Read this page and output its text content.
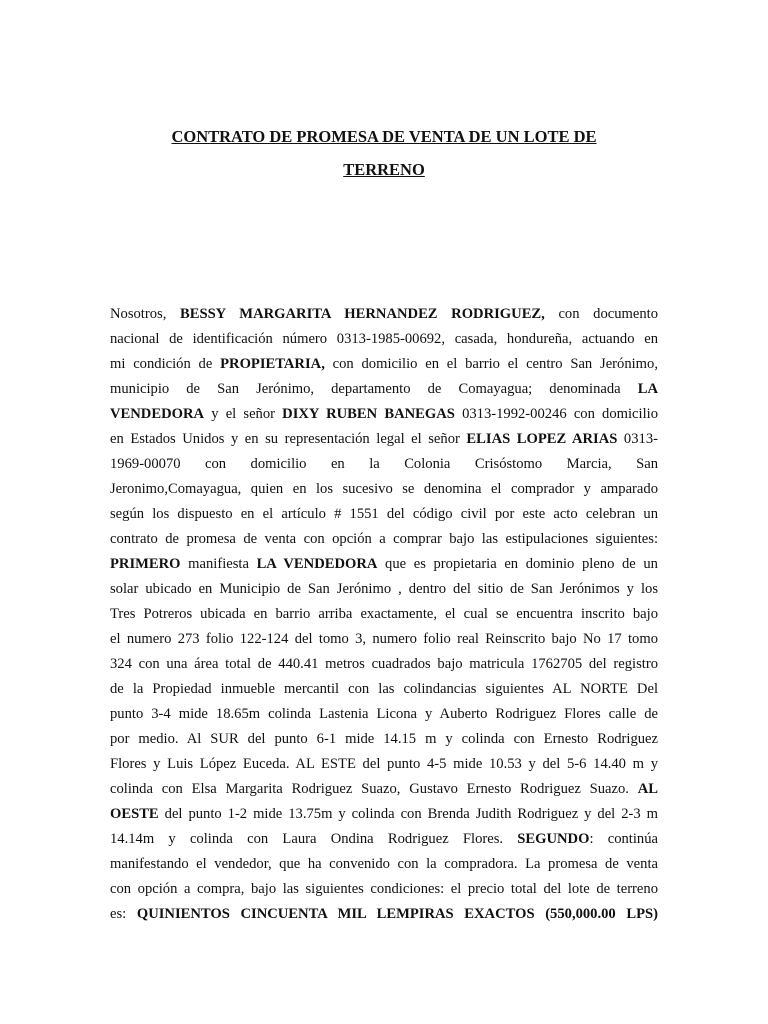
CONTRATO DE PROMESA DE VENTA DE UN LOTE DE
TERRENO
Nosotros, BESSY MARGARITA HERNANDEZ RODRIGUEZ, con documento
nacional de identificación número 0313-1985-00692, casada, hondureña, actuando en
mi condición de PROPIETARIA, con domicilio en el barrio el centro San Jerónimo,
municipio de San Jerónimo, departamento de Comayagua; denominada LA
VENDEDORA y el señor DIXY RUBEN BANEGAS 0313-1992-00246 con domicilio
en Estados Unidos y en su representación legal el señor ELIAS LOPEZ ARIAS 0313-
1969-00070 con domicilio en la Colonia Crisóstomo Marcia, San
Jeronimo,Comayagua, quien en los sucesivo se denomina el comprador y amparado
según los dispuesto en el artículo # 1551 del código civil por este acto celebran un
contrato de promesa de venta con opción a comprar bajo las estipulaciones siguientes:
PRIMERO manifiesta LA VENDEDORA que es propietaria en dominio pleno de un
solar ubicado en Municipio de San Jerónimo , dentro del sitio de San Jerónimos y los
Tres Potreros ubicada en barrio arriba exactamente, el cual se encuentra inscrito bajo
el numero 273 folio 122-124 del tomo 3, numero folio real Reinscrito bajo No 17 tomo
324 con una área total de 440.41 metros cuadrados bajo matricula 1762705 del registro
de la Propiedad inmueble mercantil con las colindancias siguientes AL NORTE Del
punto 3-4 mide 18.65m colinda Lastenia Licona y Auberto Rodriguez Flores calle de
por medio. Al SUR del punto 6-1 mide 14.15 m y colinda con Ernesto Rodriguez
Flores y Luis López Euceda. AL ESTE del punto 4-5 mide 10.53 y del 5-6 14.40 m y
colinda con Elsa Margarita Rodriguez Suazo, Gustavo Ernesto Rodriguez Suazo. AL
OESTE del punto 1-2 mide 13.75m y colinda con Brenda Judith Rodriguez y del 2-3 m
14.14m y colinda con Laura Ondina Rodriguez Flores. SEGUNDO: continúa
manifestando el vendedor, que ha convenido con la compradora. La promesa de venta
con opción a compra, bajo las siguientes condiciones: el precio total del lote de terreno
es: QUINIENTOS CINCUENTA MIL LEMPIRAS EXACTOS (550,000.00 LPS)
